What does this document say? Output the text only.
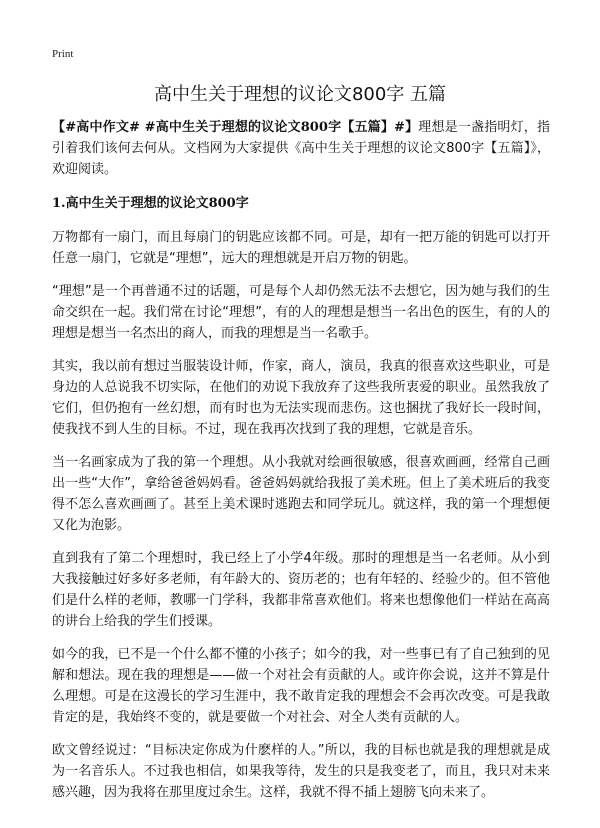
Print
高中生关于理想的议论文800字 五篇

【#高中作文# #高中生关于理想的议论文800字【五篇】#】理想是一盏指明灯，指引着我们该何去何从。文档网为大家提供《高中生关于理想的议论文800字【五篇】》，欢迎阅读。

1.高中生关于理想的议论文800字

万物都有一扇门，而且每扇门的钥匙应该都不同。可是，却有一把万能的钥匙可以打开任意一扇门，它就是“理想”，远大的理想就是开启万物的钥匙。

“理想”是一个再普通不过的话题，可是每个人却仍然无法不去想它，因为她与我们的生命交织在一起。我们常在讨论“理想”，有的人的理想是想当一名出色的医生，有的人的理想是想当一名杰出的商人，而我的理想是当一名歌手。

其实，我以前有想过当服装设计师，作家，商人，演员，我真的很喜欢这些职业，可是身边的人总说我不切实际，在他们的劝说下我放弃了这些我所衷爱的职业。虽然我放了它们，但仍抱有一丝幻想，而有时也为无法实现而悲伤。这也捆扰了我好长一段时间，使我找不到人生的目标。不过，现在我再次找到了我的理想，它就是音乐。

当一名画家成为了我的第一个理想。从小我就对绘画很敏感，很喜欢画画，经常自己画出一些“大作”，拿给爸爸妈妈看。爸爸妈妈就给我报了美术班。但上了美术班后的我变得不怎么喜欢画画了。甚至上美术课时逃跑去和同学玩儿。就这样，我的第一个理想便又化为泡影。

直到我有了第二个理想时，我已经上了小学4年级。那时的理想是当一名老师。从小到大我接触过好多好多老师，有年龄大的、资历老的；也有年轻的、经验少的。但不管他们是什么样的老师，教哪一门学科，我都非常喜欢他们。将来也想像他们一样站在高高的讲台上给我的学生们授课。

如今的我，已不是一个什么都不懂的小孩子；如今的我，对一些事已有了自己独到的见解和想法。现在我的理想是——做一个对社会有贡献的人。或许你会说，这并不算是什么理想。可是在这漫长的学习生涯中，我不敢肯定我的理想会不会再次改变。可是我敢肯定的是，我始终不变的，就是要做一个对社会、对全人类有贡献的人。

欧文曾经说过：“目标决定你成为什麽样的人。”所以，我的目标也就是我的理想就是成为一名音乐人。不过我也相信，如果我等待，发生的只是我变老了，而且，我只对未来感兴趣，因为我将在那里度过余生。这样，我就不得不插上翅膀飞向未来了。
